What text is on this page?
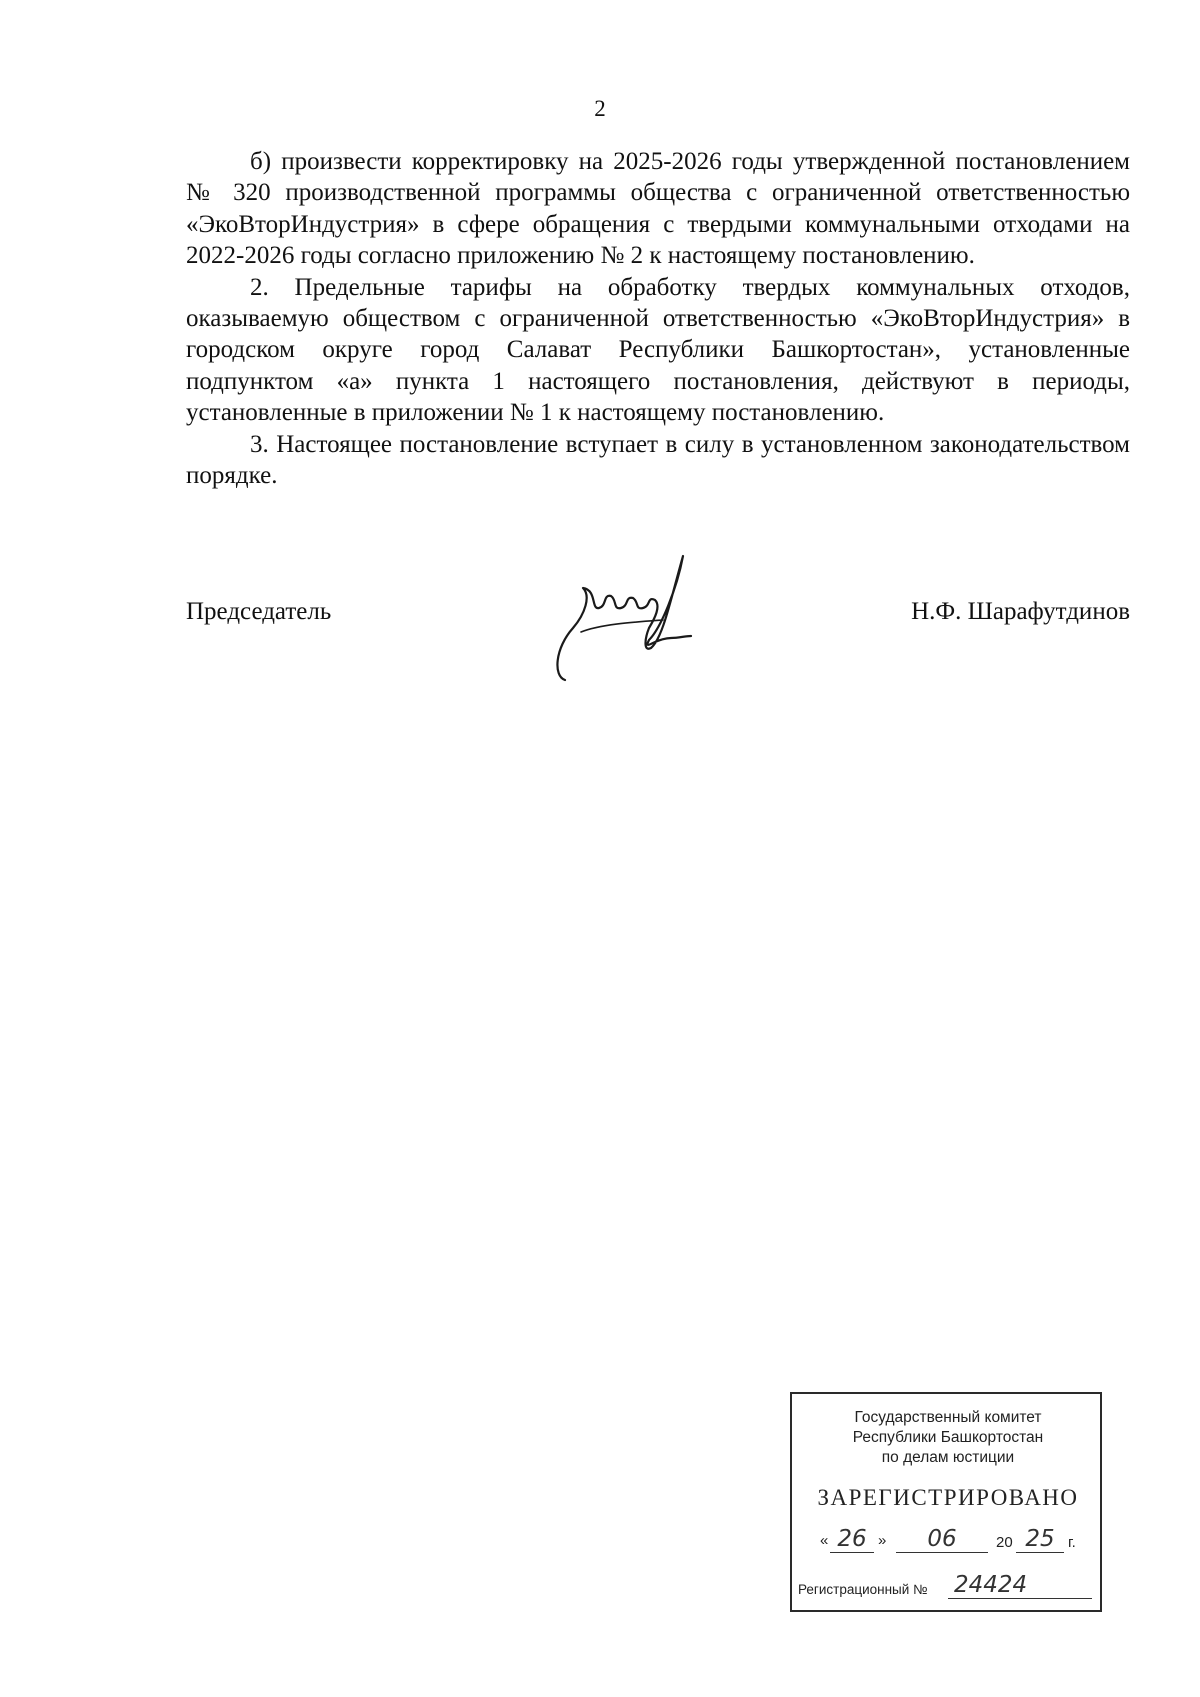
2

б) произвести корректировку на 2025-2026 годы утвержденной постановлением № 320 производственной программы общества с ограниченной ответственностью «ЭкоВторИндустрия» в сфере обращения с твердыми коммунальными отходами на 2022-2026 годы согласно приложению № 2 к настоящему постановлению.

2. Предельные тарифы на обработку твердых коммунальных отходов, оказываемую обществом с ограниченной ответственностью «ЭкоВторИндустрия» в городском округе город Салават Республики Башкортостан», установленные подпунктом «а» пункта 1 настоящего постановления, действуют в периоды, установленные в приложении № 1 к настоящему постановлению.

3. Настоящее постановление вступает в силу в установленном законодательством порядке.

Председатель	Н.Ф. Шарафутдинов
Государственный комитет
Республики Башкортостан
по делам юстиции
ЗАРЕГИСТРИРОВАНО
« 26 »	06	20 25 г.
Регистрационный № 24424
